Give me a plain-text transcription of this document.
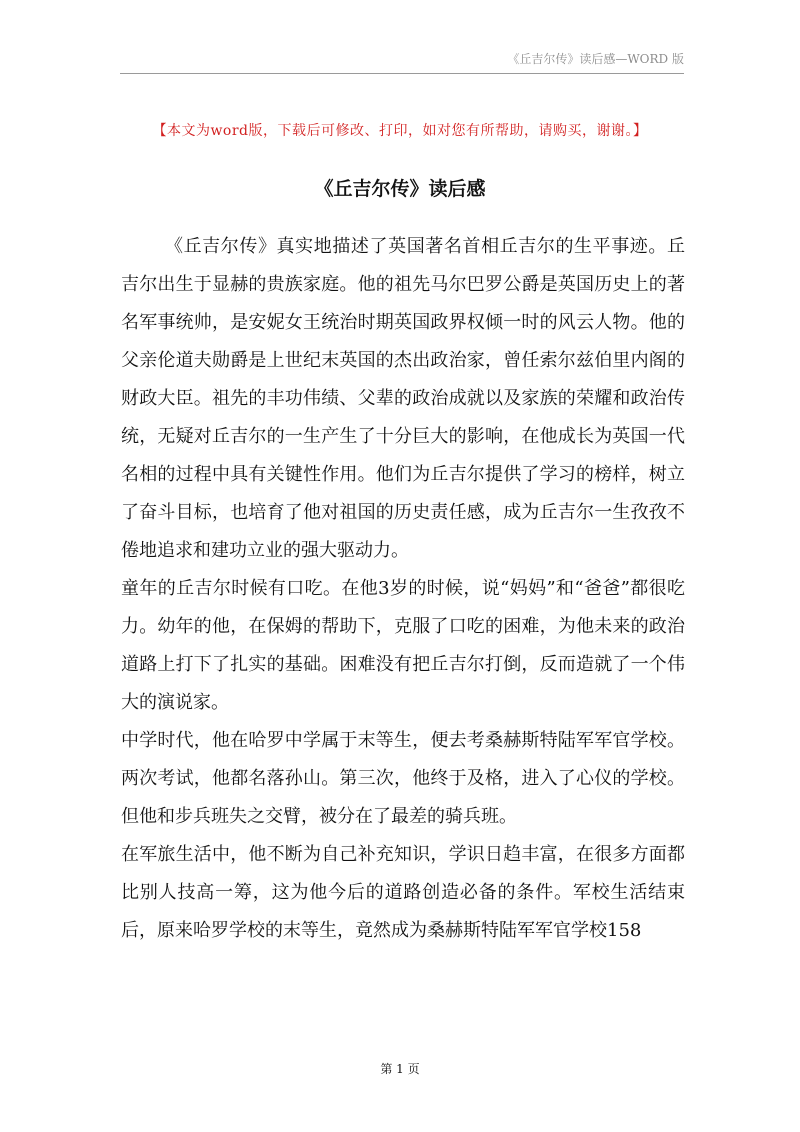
《丘吉尔传》读后感—WORD 版
【本文为word版，下载后可修改、打印，如对您有所帮助，请购买，谢谢。】
《丘吉尔传》读后感

《丘吉尔传》真实地描述了英国著名首相丘吉尔的生平事迹。丘吉尔出生于显赫的贵族家庭。他的祖先马尔巴罗公爵是英国历史上的著名军事统帅，是安妮女王统治时期英国政界权倾一时的风云人物。他的父亲伦道夫勋爵是上世纪末英国的杰出政治家，曾任索尔兹伯里内阁的财政大臣。祖先的丰功伟绩、父辈的政治成就以及家族的荣耀和政治传统，无疑对丘吉尔的一生产生了十分巨大的影响，在他成长为英国一代名相的过程中具有关键性作用。他们为丘吉尔提供了学习的榜样，树立了奋斗目标，也培育了他对祖国的历史责任感，成为丘吉尔一生孜孜不倦地追求和建功立业的强大驱动力。

童年的丘吉尔时候有口吃。在他3岁的时候，说“妈妈”和“爸爸”都很吃力。幼年的他，在保姆的帮助下，克服了口吃的困难，为他未来的政治道路上打下了扎实的基础。困难没有把丘吉尔打倒，反而造就了一个伟大的演说家。

中学时代，他在哈罗中学属于末等生，便去考桑赫斯特陆军军官学校。两次考试，他都名落孙山。第三次，他终于及格，进入了心仪的学校。但他和步兵班失之交臂，被分在了最差的骑兵班。

在军旅生活中，他不断为自己补充知识，学识日趋丰富，在很多方面都比别人技高一筹，这为他今后的道路创造必备的条件。军校生活结束后，原来哈罗学校的末等生，竟然成为桑赫斯特陆军军官学校158

第 1 页
